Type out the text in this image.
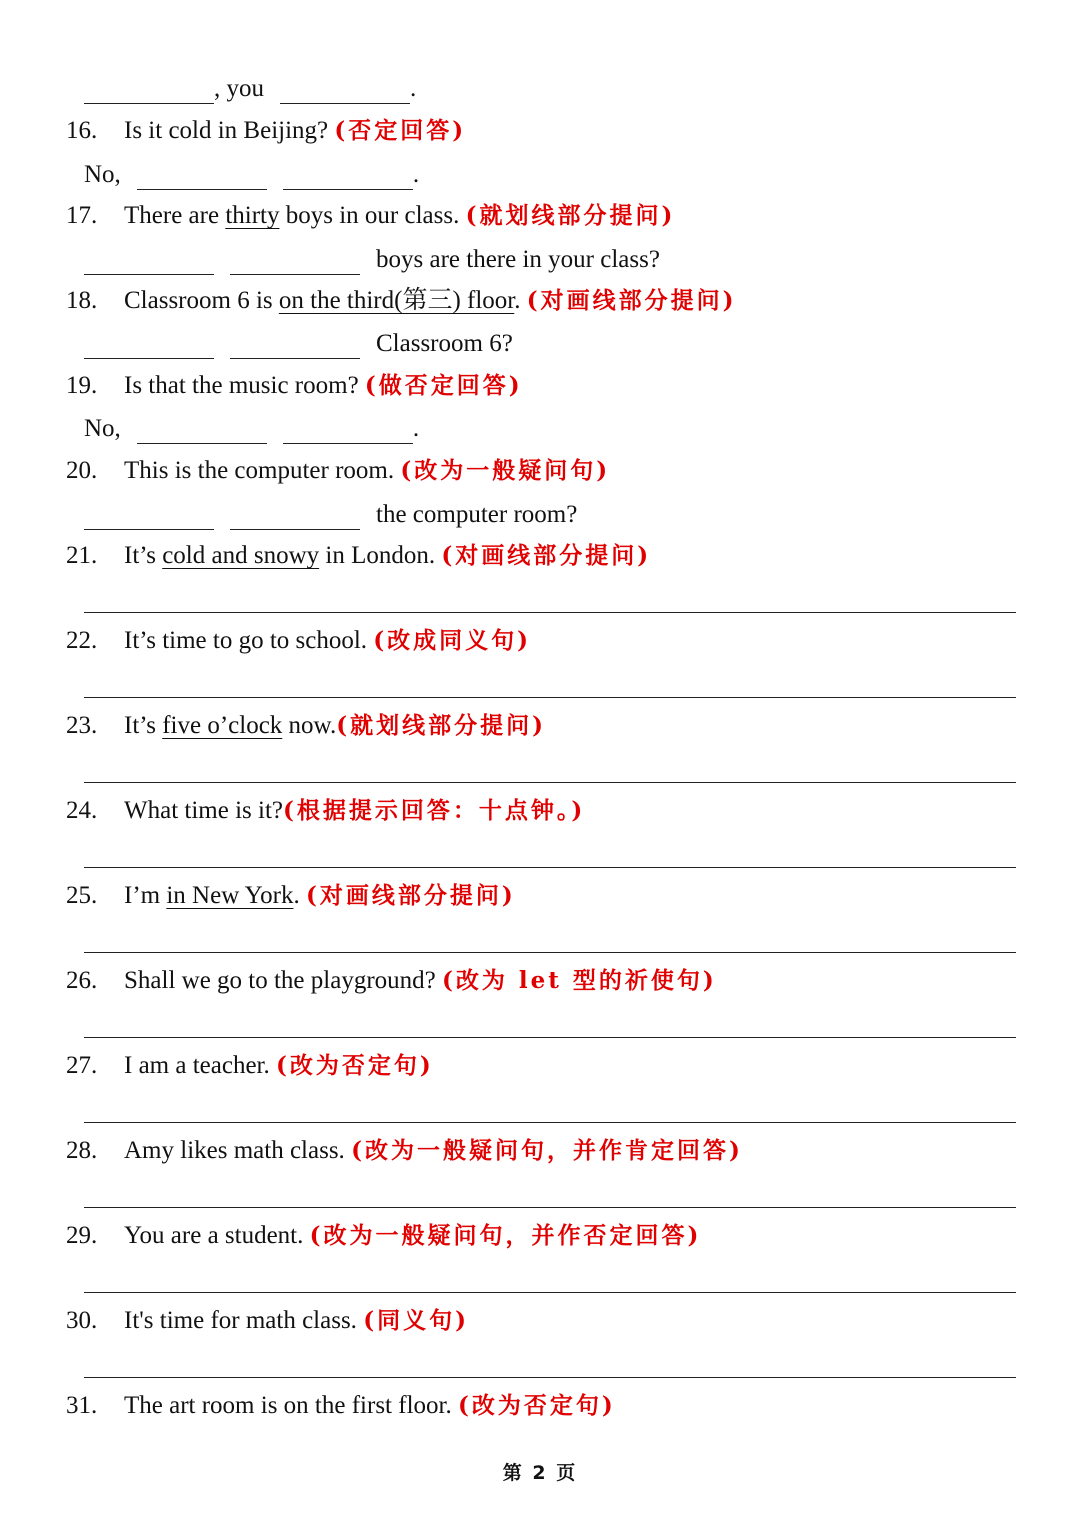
, you	.
16.	Is it cold in Beijing? (否定回答)
No,	.
17.	There are thirty boys in our class. (就划线部分提问)
boys are there in your class?
18.	Classroom 6 is on the third(第三) floor. (对画线部分提问)
Classroom 6?
19.	Is that the music room? (做否定回答)
No,	.
20.	This is the computer room. (改为一般疑问句)
the computer room?
21.	It’s cold and snowy in London. (对画线部分提问)
22.	It’s time to go to school. (改成同义句)
23.	It’s five o’clock now.(就划线部分提问)
24.	What time is it?(根据提示回答：十点钟。)
25.	I’m in New York. (对画线部分提问)
26.	Shall we go to the playground? (改为 let 型的祈使句)
27.	I am a teacher. (改为否定句)
28.	Amy likes math class. (改为一般疑问句，并作肯定回答)
29.	You are a student. (改为一般疑问句，并作否定回答)
30.	It's time for math class. (同义句)
31.	The art room is on the first floor. (改为否定句)
第 2 页
